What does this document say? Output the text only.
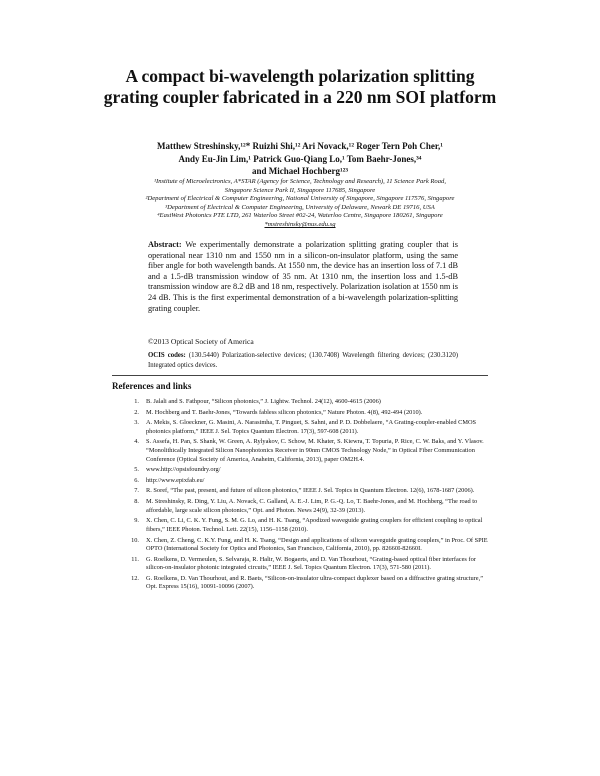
A compact bi-wavelength polarization splitting grating coupler fabricated in a 220 nm SOI platform
Matthew Streshinsky,¹²* Ruizhi Shi,¹² Ari Novack,¹² Roger Tern Poh Cher,¹
Andy Eu-Jin Lim,¹ Patrick Guo-Qiang Lo,¹ Tom Baehr-Jones,³⁴
and Michael Hochberg¹²³
¹Institute of Microelectronics, A*STAR (Agency for Science, Technology and Research), 11 Science Park Road,
Singapore Science Park II, Singapore 117685, Singapore
²Department of Electrical & Computer Engineering, National University of Singapore, Singapore 117576, Singapore
³Department of Electrical & Computer Engineering, University of Delaware, Newark DE 19716, USA
⁴EastWest Photonics PTE LTD, 261 Waterloo Street #02-24, Waterloo Centre, Singapore 180261, Singapore
*mstreshinsky@nus.edu.sg
Abstract: We experimentally demonstrate a polarization splitting grating coupler that is operational near 1310 nm and 1550 nm in a silicon-on-insulator platform, using the same fiber angle for both wavelength bands. At 1550 nm, the device has an insertion loss of 7.1 dB and a 1.5-dB transmission window of 35 nm. At 1310 nm, the insertion loss and 1.5-dB transmission window are 8.2 dB and 18 nm, respectively. Polarization isolation at 1550 nm is 24 dB. This is the first experimental demonstration of a bi-wavelength polarization-splitting grating coupler.
©2013 Optical Society of America
OCIS codes: (130.5440) Polarization-selective devices; (130.7408) Wavelength filtering devices; (230.3120) Integrated optics devices.
References and links
1.	B. Jalali and S. Fathpour, “Silicon photonics,” J. Lightw. Technol. 24(12), 4600-4615 (2006)
2.	M. Hochberg and T. Baehr-Jones, “Towards fabless silicon photonics,” Nature Photon. 4(8), 492-494 (2010).
3.	A. Mekis, S. Gloeckner, G. Masini, A. Narasimha, T. Pinguet, S. Sahni, and P. D. Dobbelaere, “A Grating-coupler-enabled CMOS photonics platform,” IEEE J. Sel. Topics Quantum Electron. 17(3), 597-608 (2011).
4.	S. Assefa, H. Pan, S. Shank, W. Green, A. Rylyakov, C. Schow, M. Khater, S. Kiewra, T. Topuria, P. Rice, C. W. Baks, and Y. Vlasov. “Monolithically Integrated Silicon Nanophotonics Receiver in 90nm CMOS Technology Node,” in Optical Fiber Communication Conference (Optical Society of America, Anaheim, California, 2013), paper OM2H.4.
5.	www.http://opsisfoundry.org/
6.	http://www.epixfab.eu/
7.	R. Soref, “The past, present, and future of silicon photonics,” IEEE J. Sel. Topics in Quantum Electron. 12(6), 1678-1687 (2006).
8.	M. Streshinsky, R. Ding, Y. Liu, A. Novack, C. Galland, A. E.-J. Lim, P. G.-Q. Lo, T. Baehr-Jones, and M. Hochberg, “The road to affordable, large scale silicon photonics,” Opt. and Photon. News 24(9), 32-39 (2013).
9.	X. Chen, C. Li, C. K. Y. Fung, S. M. G. Lo, and H. K. Tsang, “Apodized waveguide grating couplers for efficient coupling to optical fibers,” IEEE Photon. Technol. Lett. 22(15), 1156–1158 (2010).
10.	X. Chen, Z. Cheng, C. K.Y. Fung, and H. K. Tsang, “Design and applications of silicon waveguide grating couplers,” in Proc. Of SPIE OPTO (International Society for Optics and Photonics, San Francisco, California, 2010), pp. 82660I-82660I.
11.	G. Roelkens, D. Vermeulen, S. Selvaraja, R. Halir, W. Bogaerts, and D. Van Thourhout, “Grating-based optical fiber interfaces for silicon-on-insulator photonic integrated circuits,” IEEE J. Sel. Topics Quantum Electron. 17(3), 571-580 (2011).
12.	G. Roelkens, D. Van Thourhout, and R. Baets, “Silicon-on-insulator ultra-compact duplexer based on a diffractive grating structure,” Opt. Express 15(16), 10091-10096 (2007).
